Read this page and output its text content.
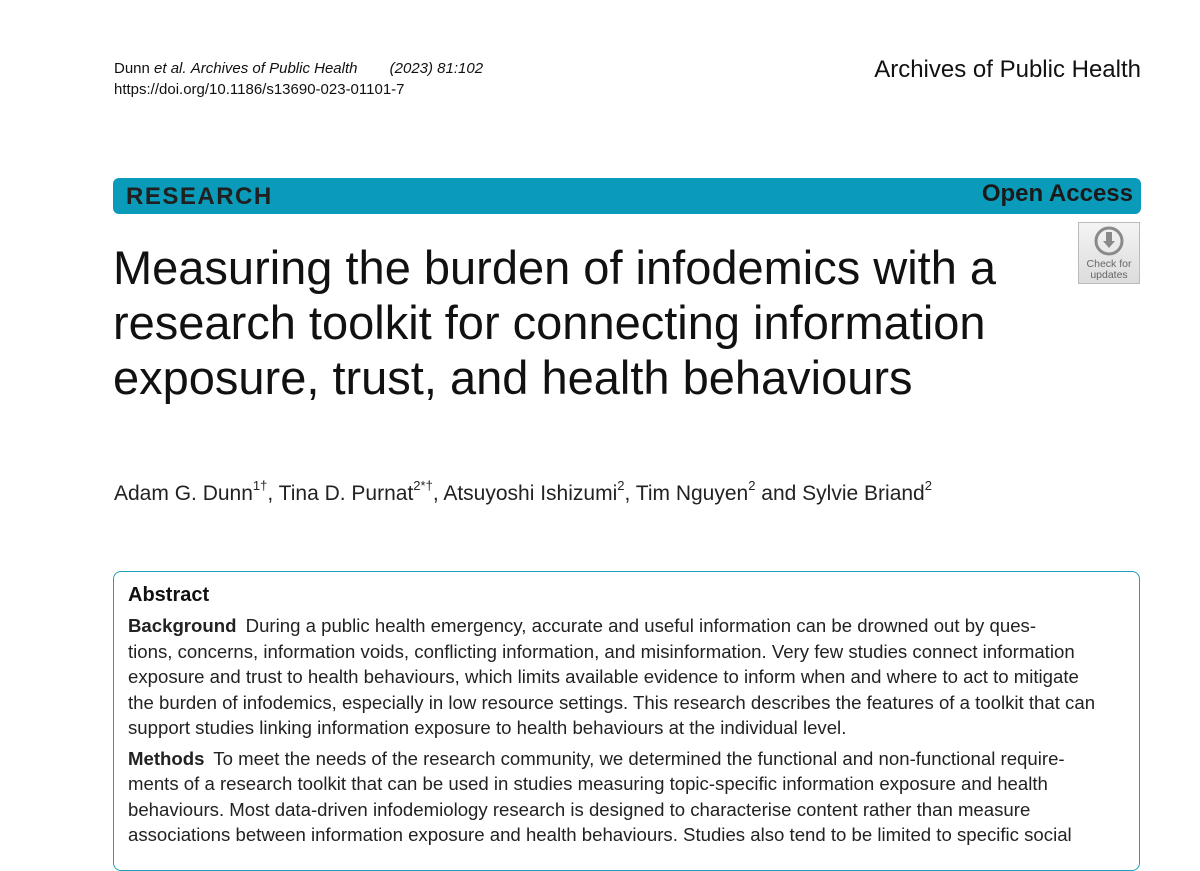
Dunn et al. Archives of Public Health (2023) 81:102
https://doi.org/10.1186/s13690-023-01101-7
Archives of Public Health
RESEARCH	Open Access
Check for
updates
Measuring the burden of infodemics with a research toolkit for connecting information exposure, trust, and health behaviours
Adam G. Dunn$^{1\dagger}$, Tina D. Purnat$^{2*\dagger}$, Atsuyoshi Ishizumi$^2$, Tim Nguyen$^2$ and Sylvie Briand$^2$
Abstract
Background During a public health emergency, accurate and useful information can be drowned out by ques-
tions, concerns, information voids, conflicting information, and misinformation. Very few studies connect information
exposure and trust to health behaviours, which limits available evidence to inform when and where to act to mitigate
the burden of infodemics, especially in low resource settings. This research describes the features of a toolkit that can
support studies linking information exposure to health behaviours at the individual level.
Methods To meet the needs of the research community, we determined the functional and non-functional require-
ments of a research toolkit that can be used in studies measuring topic-specific information exposure and health
behaviours. Most data-driven infodemiology research is designed to characterise content rather than measure
associations between information exposure and health behaviours. Studies also tend to be limited to specific social
